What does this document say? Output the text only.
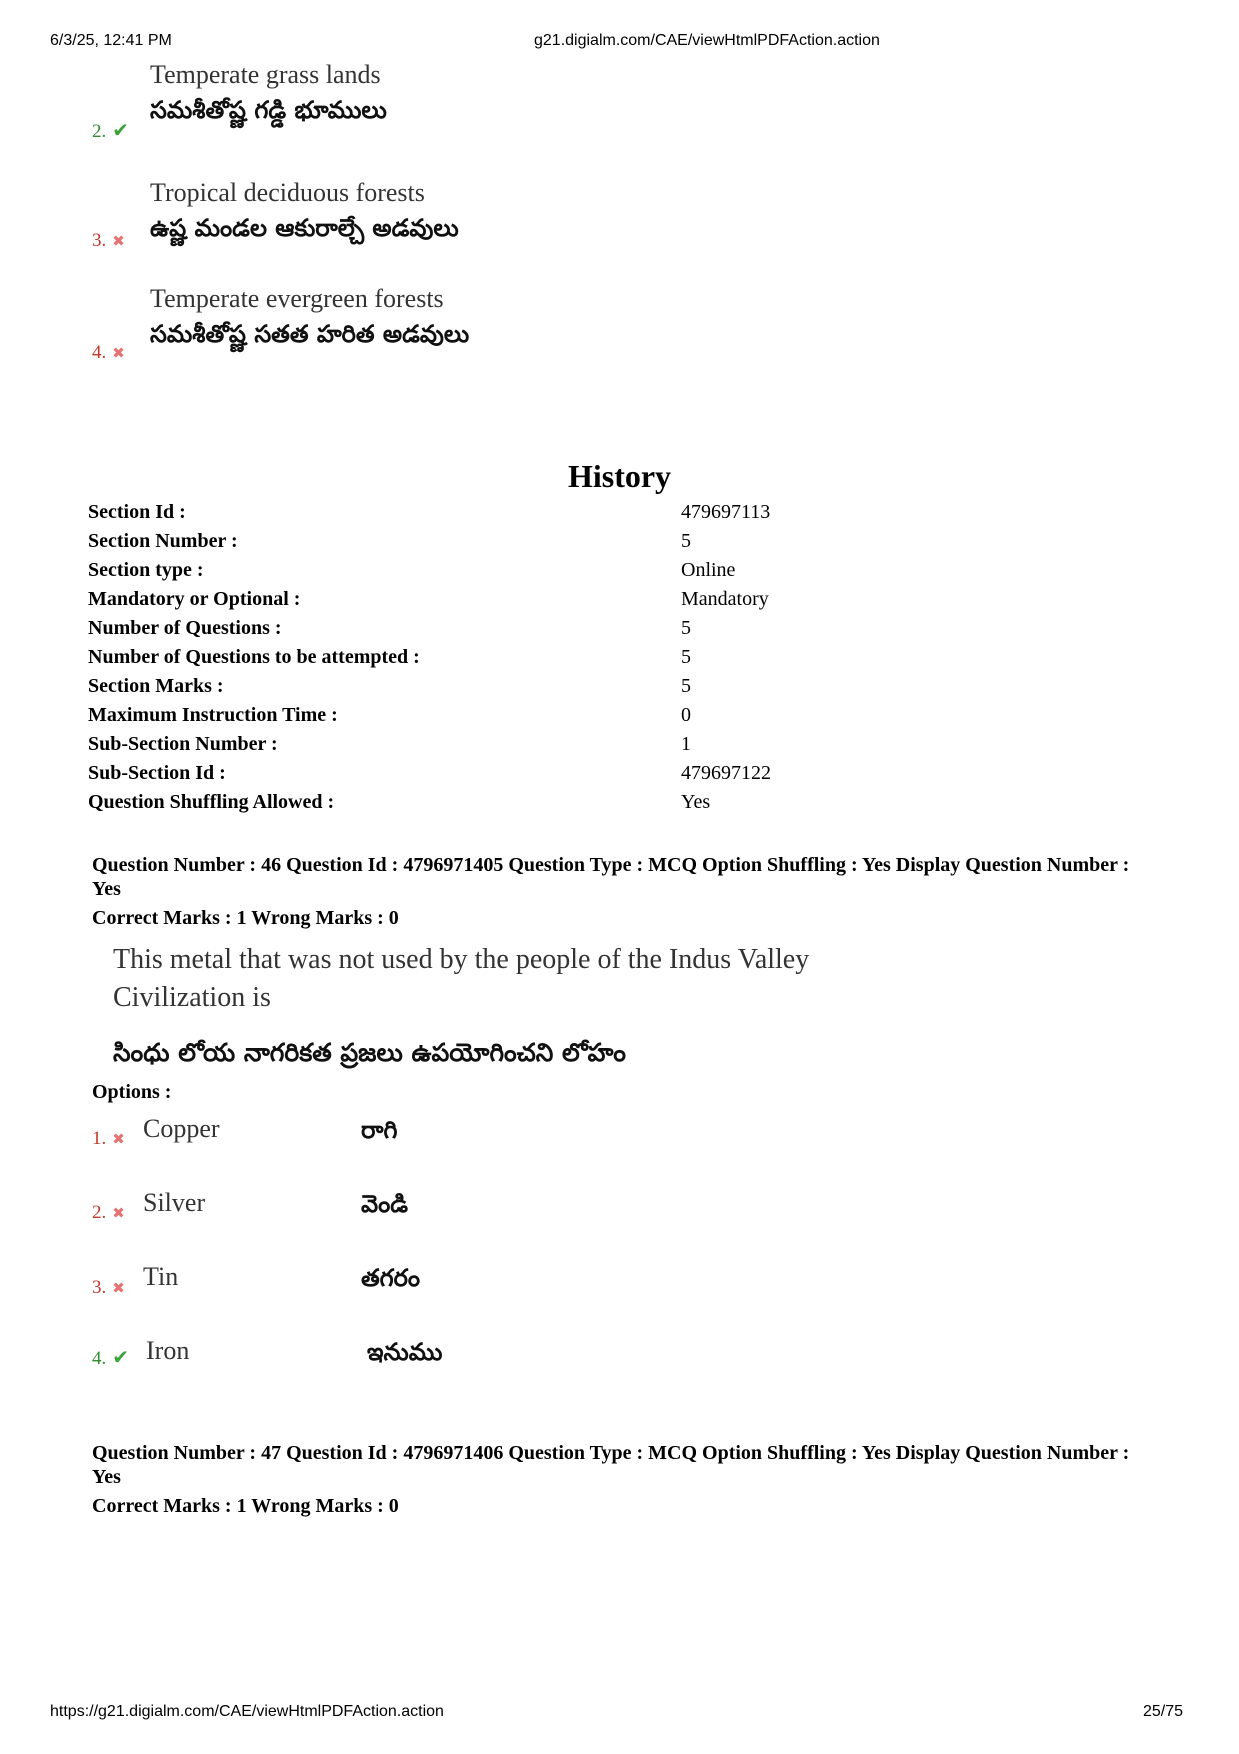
6/3/25, 12:41 PM	g21.digialm.com/CAE/viewHtmlPDFAction.action
Temperate grass lands
సమశీతోష్ణ గడ్డి భూములు
2. ✔
Tropical deciduous forests
ఉష్ణ మండల ఆకురాల్చే అడవులు
3. ✖
Temperate evergreen forests
సమశీతోష్ణ సతత హరిత అడవులు
4. ✖
History
Section Id :	479697113
Section Number :	5
Section type :	Online
Mandatory or Optional :	Mandatory
Number of Questions :	5
Number of Questions to be attempted :	5
Section Marks :	5
Maximum Instruction Time :	0
Sub-Section Number :	1
Sub-Section Id :	479697122
Question Shuffling Allowed :	Yes
Question Number : 46 Question Id : 4796971405 Question Type : MCQ Option Shuffling : Yes Display Question Number : Yes
Correct Marks : 1 Wrong Marks : 0
This metal that was not used by the people of the Indus Valley Civilization is
సింధు లోయ నాగరికత ప్రజలు ఉపయోగించని లోహం
Options :
1. ✖ Copper	రాగి
2. ✖ Silver	వెండి
3. ✖ Tin	తగరం
4. ✔ Iron	ఇనుము
Question Number : 47 Question Id : 4796971406 Question Type : MCQ Option Shuffling : Yes Display Question Number : Yes
Correct Marks : 1 Wrong Marks : 0
https://g21.digialm.com/CAE/viewHtmlPDFAction.action	25/75
